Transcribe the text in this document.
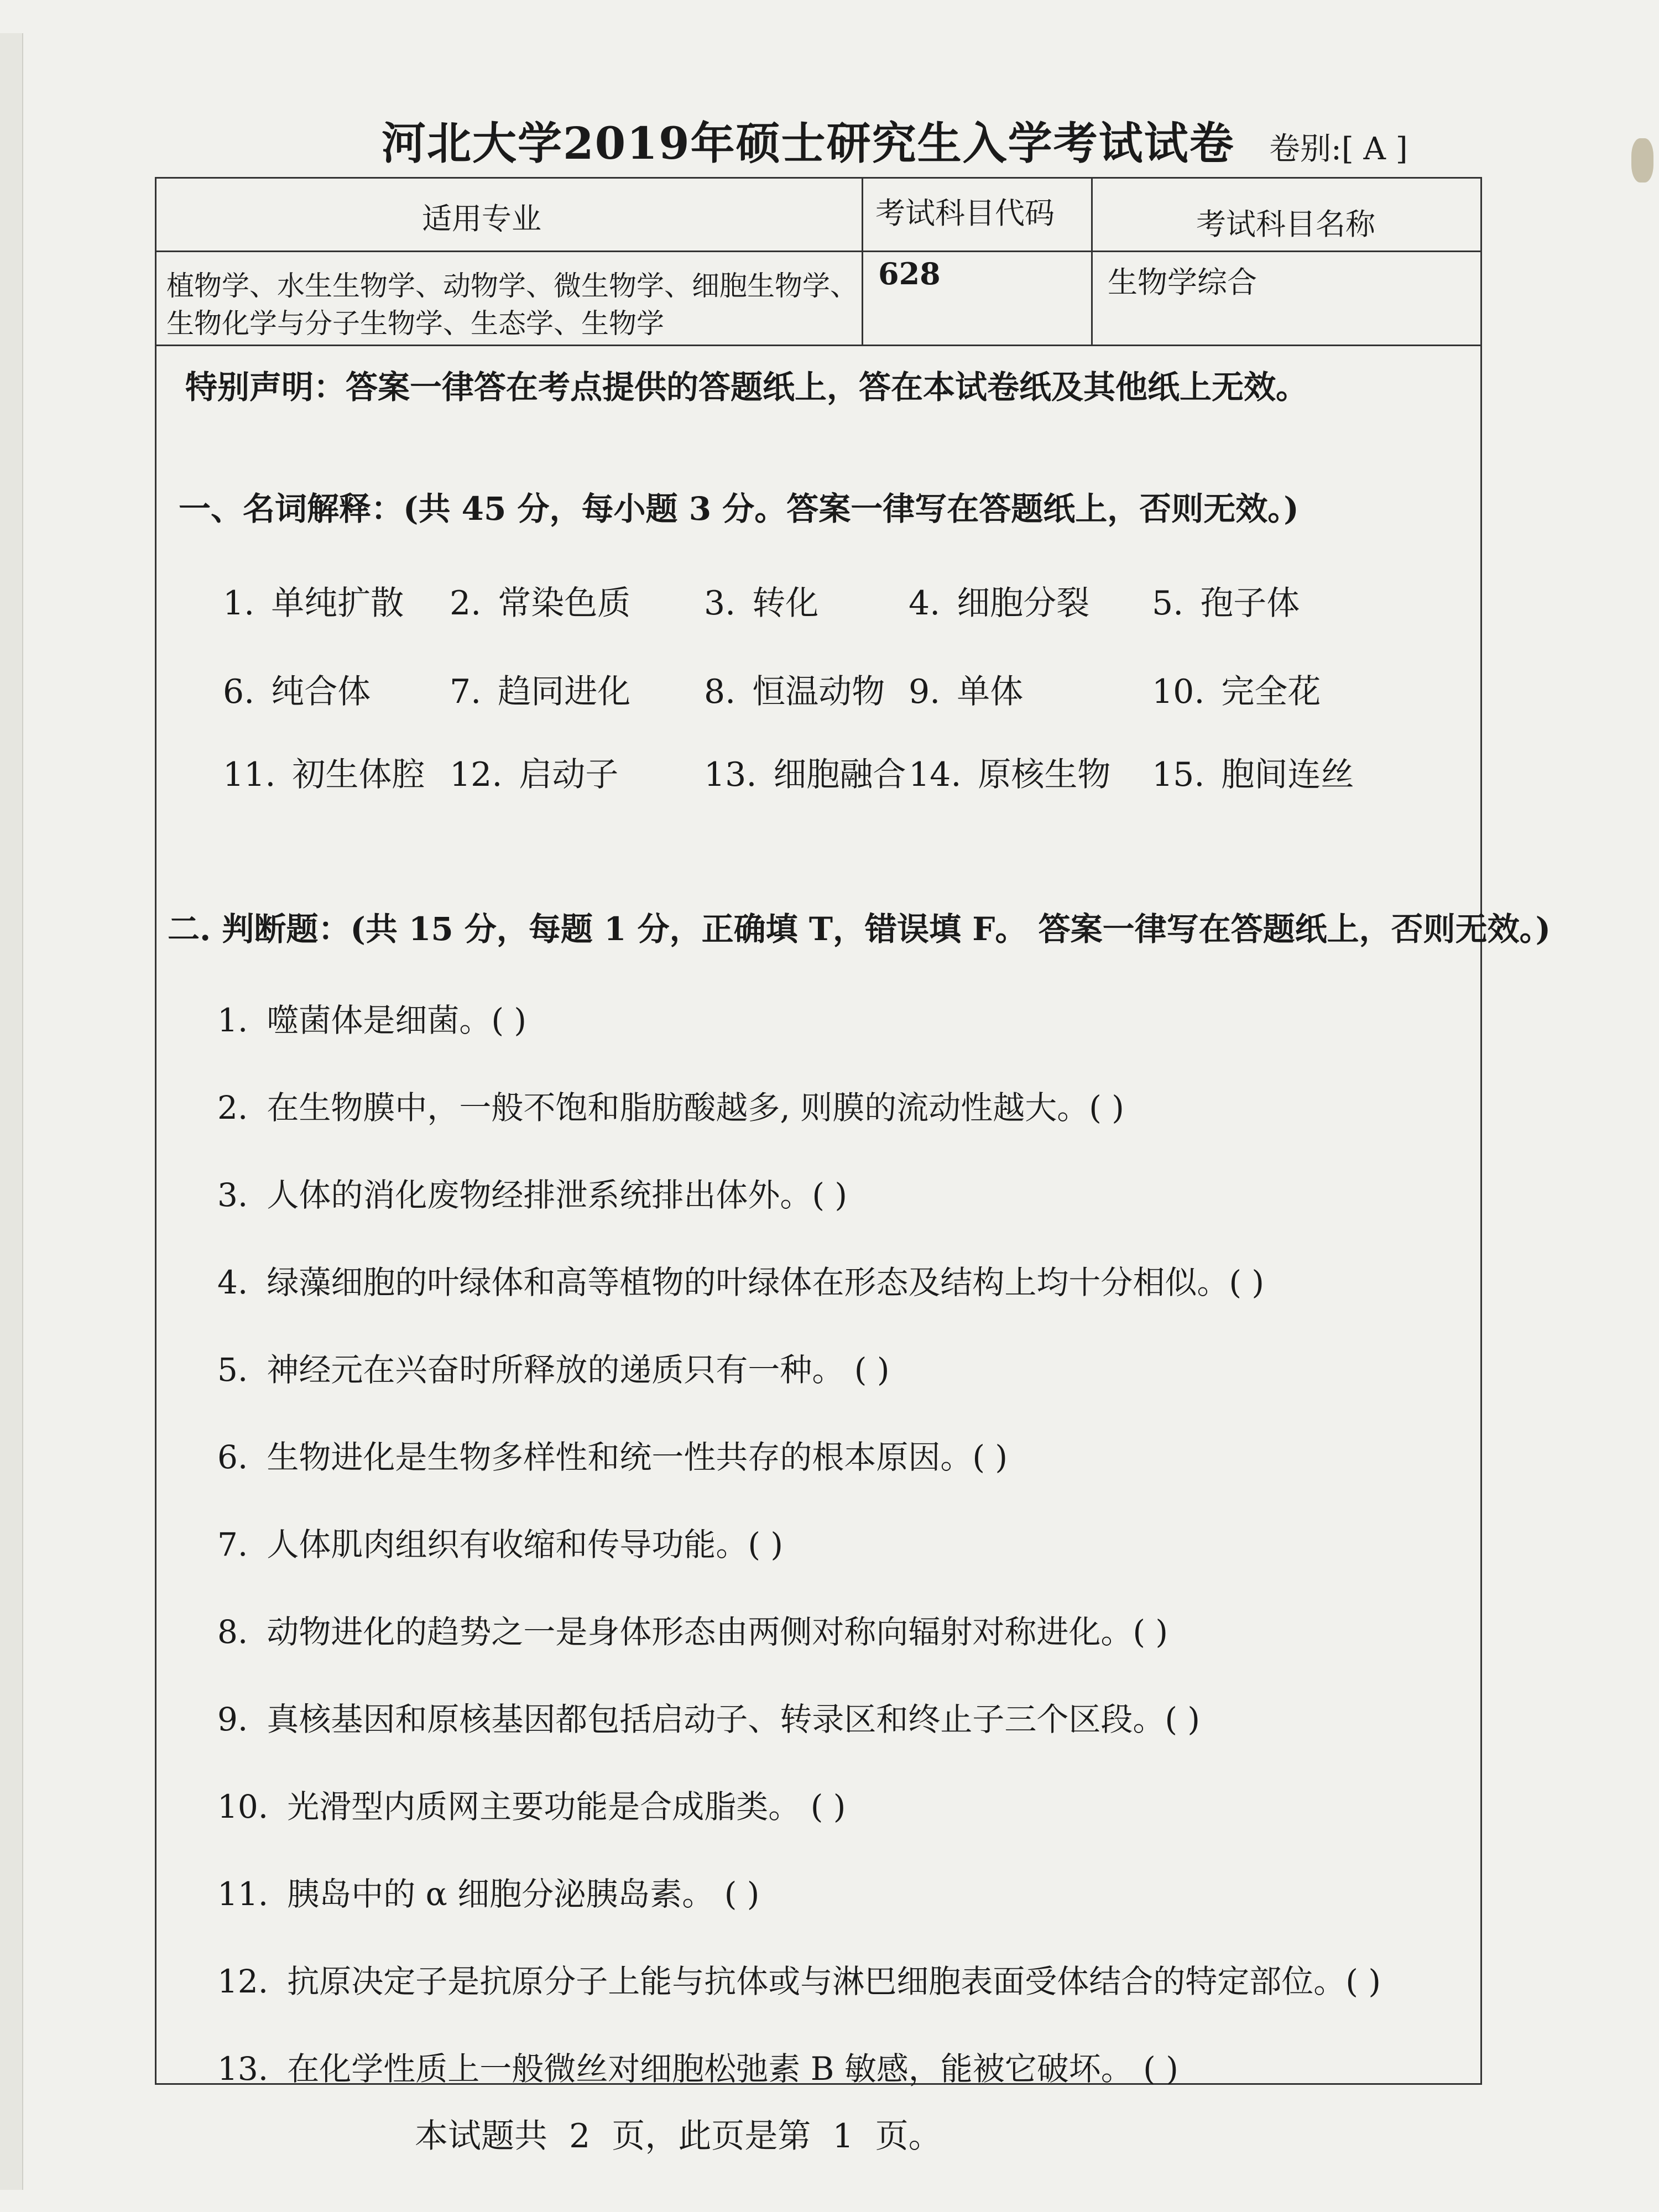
河北大学2019年硕士研究生入学考试试卷 卷别:[ A ]
适用专业	考试科目代码	考试科目名称
植物学、水生生物学、动物学、微生物学、细胞生物学、
生物化学与分子生物学、生态学、生物学
628	生物学综合
特别声明：答案一律答在考点提供的答题纸上，答在本试卷纸及其他纸上无效。
一、名词解释：(共 45 分，每小题 3 分。答案一律写在答题纸上，否则无效。)
1. 单纯扩散 2. 常染色质 3. 转化	4. 细胞分裂 5. 孢子体
6. 纯合体 7. 趋同进化 8. 恒温动物 9. 单体	10. 完全花
11. 初生体腔 12. 启动子	13. 细胞融合 14. 原核生物 15. 胞间连丝
二. 判断题：(共 15 分，每题 1 分，正确填 T，错误填 F。 答案一律写在答题纸上，否则无效。)
1. 噬菌体是细菌。( )
2. 在生物膜中，一般不饱和脂肪酸越多, 则膜的流动性越大。( )
3. 人体的消化废物经排泄系统排出体外。( )
4. 绿藻细胞的叶绿体和高等植物的叶绿体在形态及结构上均十分相似。( )
5. 神经元在兴奋时所释放的递质只有一种。 ( )
6. 生物进化是生物多样性和统一性共存的根本原因。( )
7. 人体肌肉组织有收缩和传导功能。( )
8. 动物进化的趋势之一是身体形态由两侧对称向辐射对称进化。( )
9. 真核基因和原核基因都包括启动子、转录区和终止子三个区段。( )
10. 光滑型内质网主要功能是合成脂类。 ( )
11. 胰岛中的 α 细胞分泌胰岛素。 ( )
12. 抗原决定子是抗原分子上能与抗体或与淋巴细胞表面受体结合的特定部位。( )
13. 在化学性质上一般微丝对细胞松弛素 B 敏感，能被它破坏。 ( )
本试题共 2 页，此页是第 1 页。
